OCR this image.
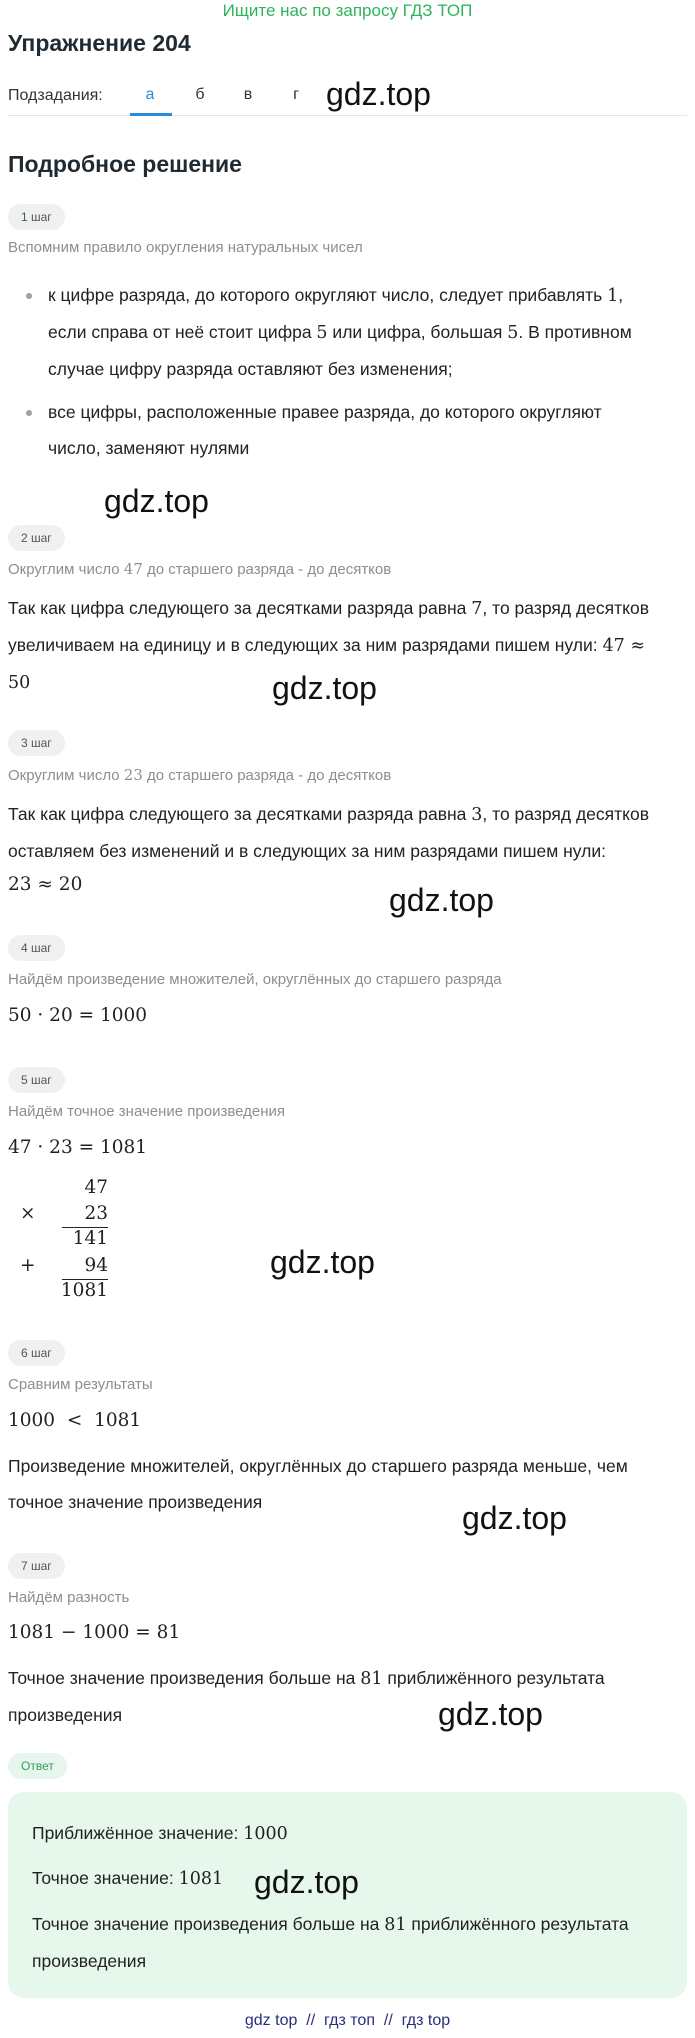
Ищите нас по запросу ГДЗ ТОП
Упражнение 204
Подзадания:	а	б	в	г gdz.top
Подробное решение
1 шаг
Вспомним правило округления натуральных чисел
к цифре разряда, до которого округляют число, следует прибавлять 1,
если справа от неё стоит цифра 5 или цифра, большая 5. В противном
случае цифру разряда оставляют без изменения;
все цифры, расположенные правее разряда, до которого округляют
число, заменяют нулями
gdz.top
2 шаг
Округлим число 47 до старшего разряда - до десятков
Так как цифра следующего за десятками разряда равна 7, то разряд десятков
увеличиваем на единицу и в следующих за ним разрядами пишем нули: 47 ≈
50	gdz.top
3 шаг
Округлим число 23 до старшего разряда - до десятков
Так как цифра следующего за десятками разряда равна 3, то разряд десятков
оставляем без изменений и в следующих за ним разрядами пишем нули:
23 ≈ 20	gdz.top
4 шаг
Найдём произведение множителей, округлённых до старшего разряда
50 · 20 = 1000
5 шаг
Найдём точное значение произведения
47 · 23 = 1081
47
×	23
141
+	94
1081
gdz.top
6 шаг
Сравним результаты
1000  <  1081
Произведение множителей, округлённых до старшего разряда меньше, чем
точное значение произведения	gdz.top
7 шаг
Найдём разность
1081 − 1000 = 81
Точное значение произведения больше на 81 приближённого результата
произведения	gdz.top
Ответ
Приближённое значение: 1000
Точное значение: 1081
Точное значение произведения больше на 81 приближённого результата
произведения
gdz.top
gdz top  //  гдз топ  //  гдз top
